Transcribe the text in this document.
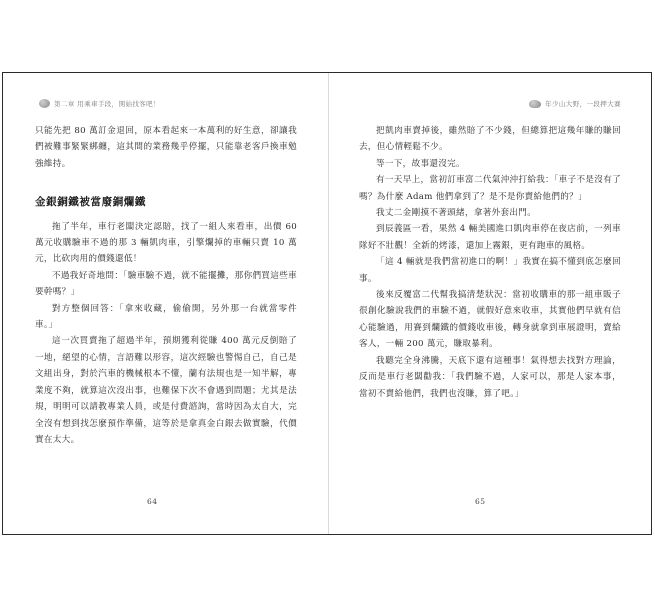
第二章 用乘車手段，開始找客吧！

只能先把 80 萬訂金退回，原本看起來一本萬利的好生意，卻讓我們被難事緊緊綁纏，這其間的業務幾乎停擺，只能靠老客戶換車勉強維持。

金銀銅鐵被當廢銅爛鐵

拖了半年，車行老闆決定認賠，找了一組人來看車，出價 60 萬元收購驗車不過的那 3 輛凱肉車，引擎爛掉的車輛只賣 10 萬元，比砍肉用的價錢還低！

不過我好奇地問：「驗車驗不過，就不能擺攤，那你們買這些車要幹嗎？」

對方整個回答：「拿來收藏，偷偷開，另外那一台就當零件車。」

這一次買賣拖了超過半年，預期獲利從賺 400 萬元反倒賠了一地，絕望的心情，言語難以形容，這次經驗也警惕自己，自己是文組出身，對於汽車的機械根本不懂，蘭有法規也是一知半解，專業度不夠，就算這次沒出事，也難保下次不會遇到問題；尤其是法規，明明可以請教專業人員，或是付費諮詢，當時因為太自大，完全沒有想到找怎麼預作準備，這等於是拿真金白銀去做實驗，代價實在太大。

64
年少山大野，一段押大賽

把凱肉車賣掉後，雖然賠了不少錢，但總算把這幾年賺的賺回去，但心情輕鬆不少。

等一下，故事還沒完。

有一天早上，當初訂車富二代氣沖沖打給我：「車子不是沒有了嗎？為什麼 Adam 他們拿到了？是不是你賣給他們的？」

我丈二金剛摸不著頭緒，拿著外套出門。

到辰義區一看，果然 4 輛美國進口凱肉車停在夜店前，一列車隊好不壯觀！全新的烤漆，還加上霧銀，更有跑車的風格。

「這 4 輛就是我們當初進口的啊！」我實在搞不懂到底怎麼回事。

後來反覆富二代幫我搞清楚狀況：當初收購車的那一組車販子很創化驗說我們的車驗不過，就假好意來收車，其實他們早就有信心能驗過，用賽到爛鐵的價錢收車後，轉身就拿到車展證明，賣給客人，一輛 200 萬元，賺取暴利。

我聽完全身沸騰，天底下還有這種事！氣得想去找對方理論，反而是車行老闆勸我：「我們驗不過，人家可以，那是人家本事，當初不賣給他們，我們也沒賺，算了吧。」

65
